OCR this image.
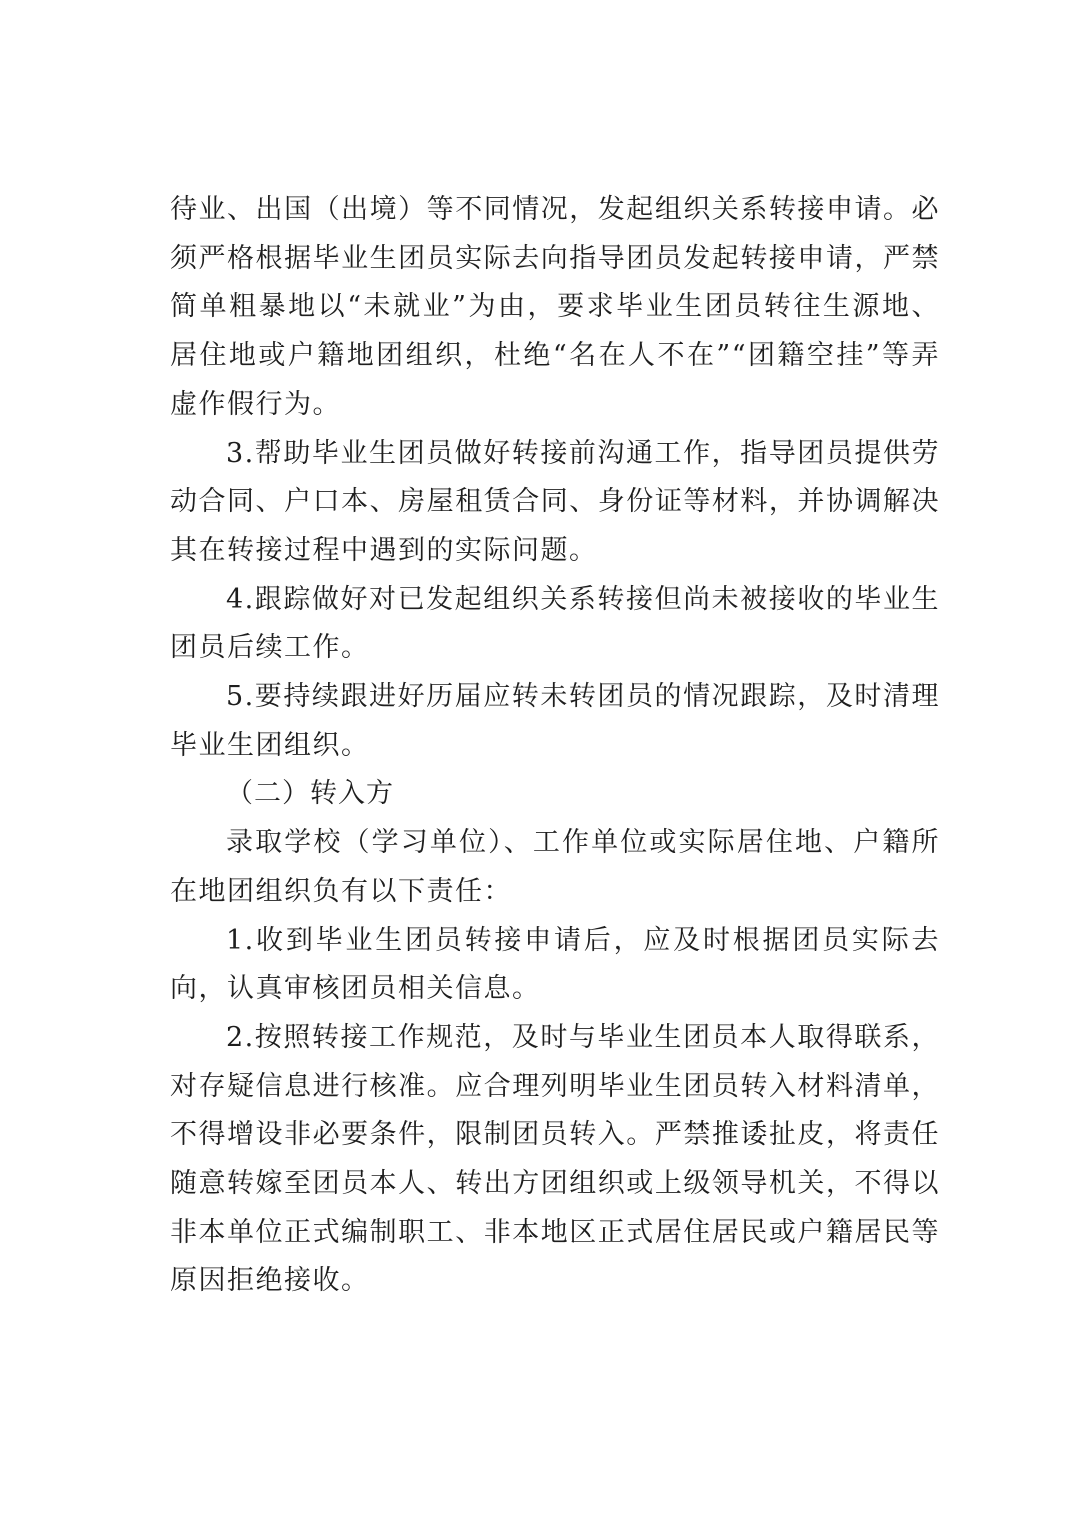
待业、出国（出境）等不同情况，发起组织关系转接申请。必须严格根据毕业生团员实际去向指导团员发起转接申请，严禁简单粗暴地以“未就业”为由，要求毕业生团员转往生源地、居住地或户籍地团组织，杜绝“名在人不在”“团籍空挂”等弄虚作假行为。

3.帮助毕业生团员做好转接前沟通工作，指导团员提供劳动合同、户口本、房屋租赁合同、身份证等材料，并协调解决其在转接过程中遇到的实际问题。

4.跟踪做好对已发起组织关系转接但尚未被接收的毕业生团员后续工作。

5.要持续跟进好历届应转未转团员的情况跟踪，及时清理毕业生团组织。

（二）转入方

录取学校（学习单位）、工作单位或实际居住地、户籍所在地团组织负有以下责任：

1.收到毕业生团员转接申请后，应及时根据团员实际去向，认真审核团员相关信息。

2.按照转接工作规范，及时与毕业生团员本人取得联系，对存疑信息进行核准。应合理列明毕业生团员转入材料清单，不得增设非必要条件，限制团员转入。严禁推诿扯皮，将责任随意转嫁至团员本人、转出方团组织或上级领导机关，不得以非本单位正式编制职工、非本地区正式居住居民或户籍居民等原因拒绝接收。
